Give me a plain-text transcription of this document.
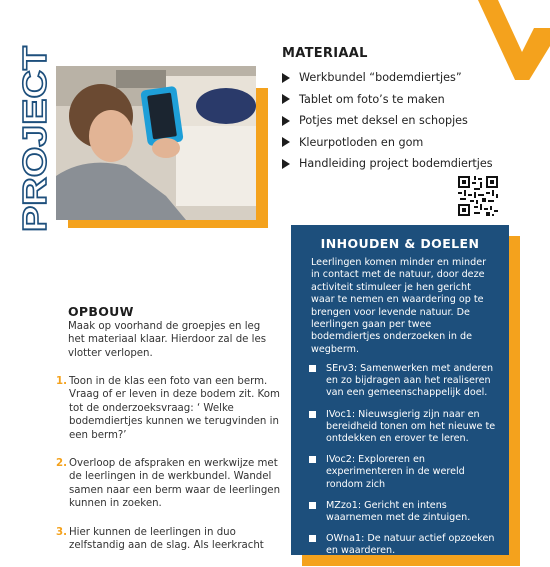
PROJECT
MATERIAAL
Werkbundel “bodemdiertjes”
Tablet om foto’s te maken
Potjes met deksel en schopjes
Kleurpotloden en gom
Handleiding project bodemdiertjes
INHOUDEN & DOELEN

Leerlingen komen minder en minder in contact met de natuur, door deze activiteit stimuleer je hen gericht waar te nemen en waardering op te brengen voor levende natuur. De leerlingen gaan per twee bodemdiertjes onderzoeken in de wegberm.

SErv3: Samenwerken met anderen en zo bijdragen aan het realiseren van een gemeenschappelijk doel.
IVoc1: Nieuwsgierig zijn naar en bereidheid tonen om het nieuwe te ontdekken en erover te leren.
IVoc2: Exploreren en experimenteren in de wereld rondom zich
MZzo1: Gericht en intens waarnemen met de zintuigen.
OWna1: De natuur actief opzoeken en waarderen.
OPBOUW

Maak op voorhand de groepjes en leg het materiaal klaar. Hierdoor zal de les vlotter verlopen.

1. Toon in de klas een foto van een berm. Vraag of er leven in deze bodem zit. Kom tot de onderzoeksvraag: ‘ Welke bodemdiertjes kunnen we terugvinden in een berm?’
2. Overloop de afspraken en werkwijze met de leerlingen in de werkbundel. Wandel samen naar een berm waar de leerlingen kunnen in zoeken.
3. Hier kunnen de leerlingen in duo zelfstandig aan de slag. Als leerkracht
